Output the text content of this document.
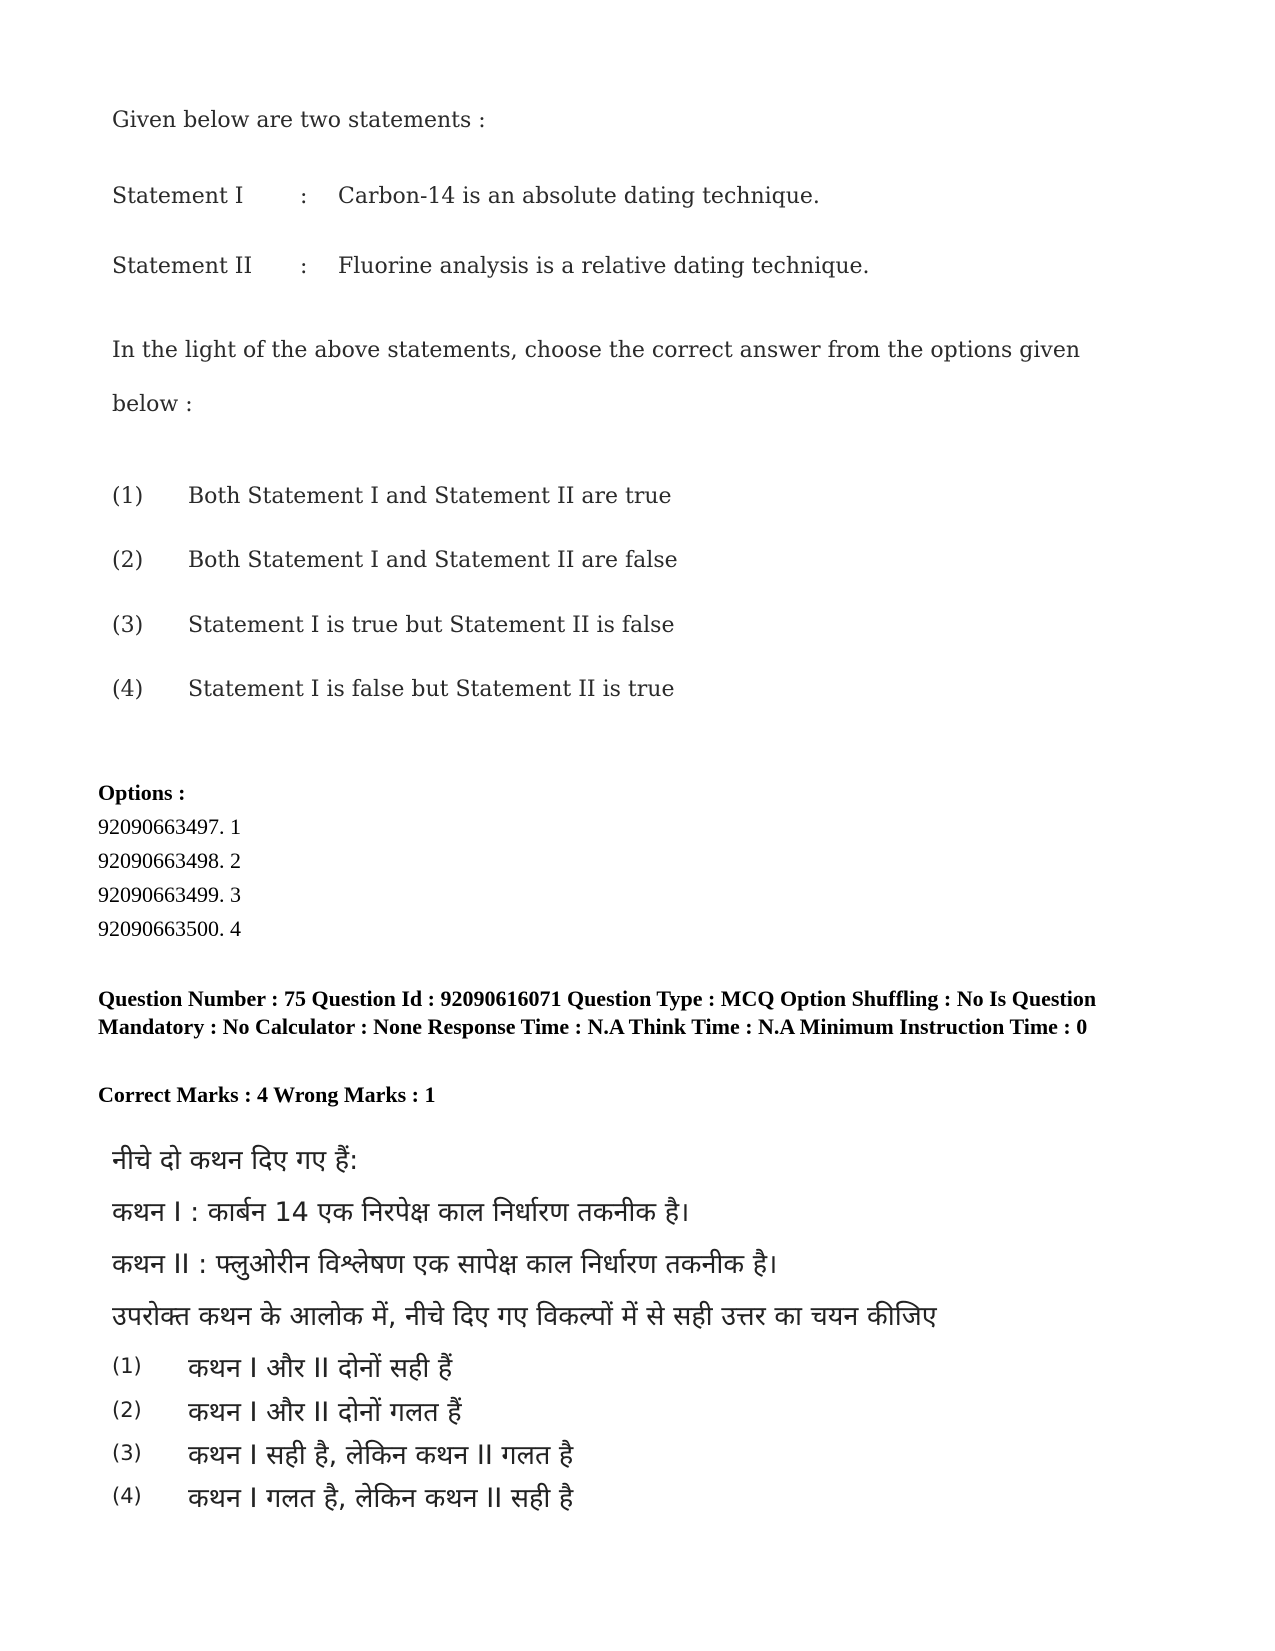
Given below are two statements :
Statement I	: Carbon-14 is an absolute dating technique.
Statement II : Fluorine analysis is a relative dating technique.
In the light of the above statements, choose the correct answer from the options given
below :
(1) Both Statement I and Statement II are true
(2) Both Statement I and Statement II are false
(3) Statement I is true but Statement II is false
(4) Statement I is false but Statement II is true
Options :
92090663497. 1
92090663498. 2
92090663499. 3
92090663500. 4
Question Number : 75 Question Id : 92090616071 Question Type : MCQ Option Shuffling : No Is Question Mandatory : No Calculator : None Response Time : N.A Think Time : N.A Minimum Instruction Time : 0
Correct Marks : 4 Wrong Marks : 1
नीचे दो कथन दिए गए हैं:
कथन I : कार्बन 14 एक निरपेक्ष काल निर्धारण तकनीक है।
कथन II : फ्लुओरीन विश्लेषण एक सापेक्ष काल निर्धारण तकनीक है।
उपरोक्त कथन के आलोक में, नीचे दिए गए विकल्पों में से सही उत्तर का चयन कीजिए
(1) कथन I और II दोनों सही हैं
(2) कथन I और II दोनों गलत हैं
(3) कथन I सही है, लेकिन कथन II गलत है
(4) कथन I गलत है, लेकिन कथन II सही है
